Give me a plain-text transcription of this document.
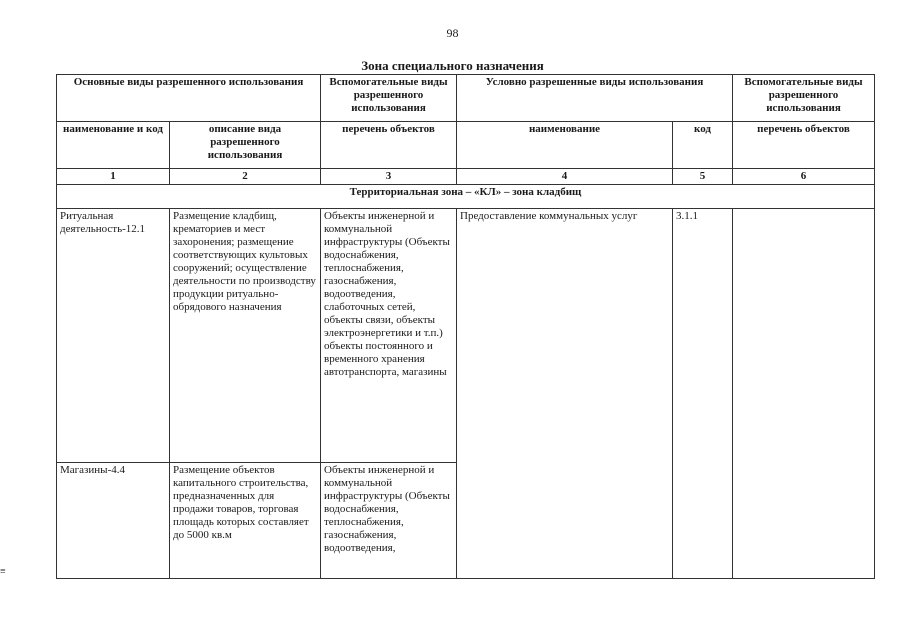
98
Зона специального назначения
≡
Основные виды разрешенного использования		Вспомогательные виды разрешенного использования	Условно разрешенные виды использования		Вспомогательные виды разрешенного использования
наименование и код	описание вида разрешенного использования	перечень объектов	наименование	код	перечень объектов
1	2	3	4	5	6
Территориальная зона – «КЛ» – зона кладбищ					
Ритуальная деятельность-12.1	Размещение кладбищ, крематориев и мест захоронения; размещение соответствующих культовых сооружений; осуществление деятельности по производству продукции ритуально-обрядового назначения	Объекты инженерной и коммунальной инфраструктуры (Объекты водоснабжения, теплоснабжения, газоснабжения, водоотведения, слаботочных сетей, объекты связи, объекты электроэнергетики и т.п.) объекты постоянного и временного хранения автотранспорта, магазины	Предоставление коммунальных услуг	3.1.1	
Магазины-4.4	Размещение объектов капитального строительства, предназначенных для продажи товаров, торговая площадь которых составляет до 5000 кв.м	Объекты инженерной и коммунальной инфраструктуры (Объекты водоснабжения, теплоснабжения, газоснабжения, водоотведения,			
